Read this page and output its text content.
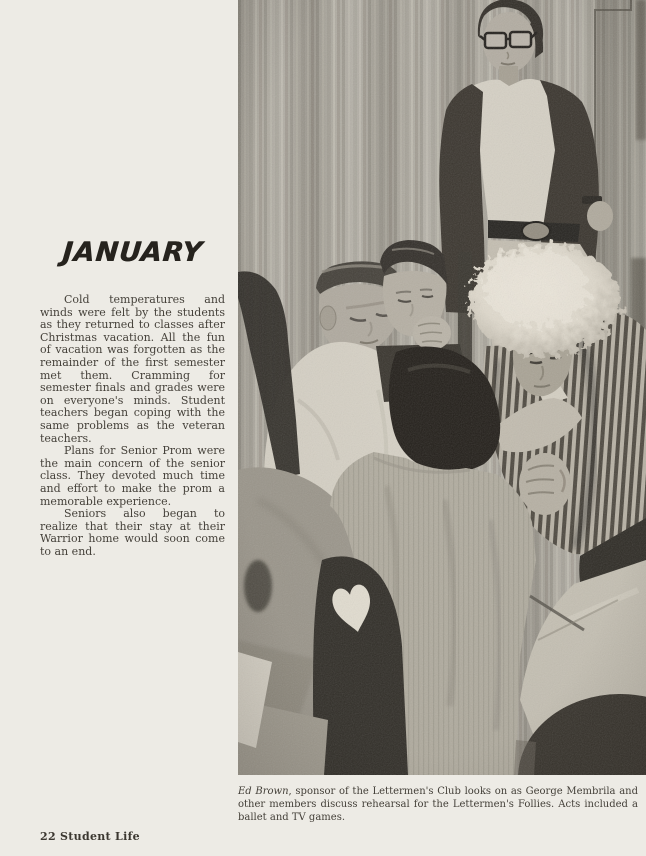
JANUARY

Cold temperatures and winds were felt by the students as they returned to classes after Christmas vacation. All the fun of vacation was forgotten as the remainder of the first semester met them. Cramming for semester finals and grades were on everyone's minds. Student teachers began coping with the same problems as the veteran teachers.

Plans for Senior Prom were the main concern of the senior class. They devoted much time and effort to make the prom a memorable experience.

Seniors also began to realize that their stay at their Warrior home would soon come to an end.

Ed Brown, sponsor of the Lettermen's Club looks on as George Membrila and other members discuss rehearsal for the Lettermen's Follies. Acts included a ballet and TV games.

22 Student Life
